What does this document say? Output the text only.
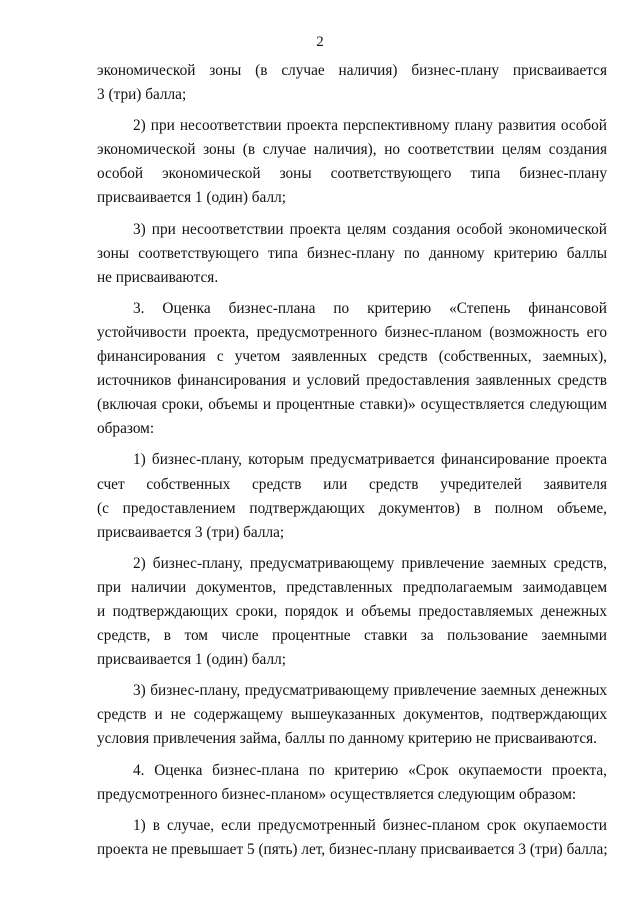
2
экономической зоны (в случае наличия) бизнес-плану присваивается
3 (три) балла;
2) при несоответствии проекта перспективному плану развития особой
экономической зоны (в случае наличия), но соответствии целям создания
особой экономической зоны соответствующего типа бизнес-плану
присваивается 1 (один) балл;
3) при несоответствии проекта целям создания особой экономической
зоны соответствующего типа бизнес-плану по данному критерию баллы
не присваиваются.
3. Оценка бизнес-плана по критерию «Степень финансовой
устойчивости проекта, предусмотренного бизнес-планом (возможность его
финансирования с учетом заявленных средств (собственных, заемных),
источников финансирования и условий предоставления заявленных средств
(включая сроки, объемы и процентные ставки)» осуществляется следующим
образом:
1) бизнес-плану, которым предусматривается финансирование проекта
счет собственных средств или средств учредителей заявителя
(с предоставлением подтверждающих документов) в полном объеме,
присваивается 3 (три) балла;
2) бизнес-плану, предусматривающему привлечение заемных средств,
при наличии документов, представленных предполагаемым заимодавцем
и подтверждающих сроки, порядок и объемы предоставляемых денежных
средств, в том числе процентные ставки за пользование заемными
присваивается 1 (один) балл;
3) бизнес-плану, предусматривающему привлечение заемных денежных
средств и не содержащему вышеуказанных документов, подтверждающих
условия привлечения займа, баллы по данному критерию не присваиваются.
4. Оценка бизнес-плана по критерию «Срок окупаемости проекта,
предусмотренного бизнес-планом» осуществляется следующим образом:
1) в случае, если предусмотренный бизнес-планом срок окупаемости
проекта не превышает 5 (пять) лет, бизнес-плану присваивается 3 (три) балла;
